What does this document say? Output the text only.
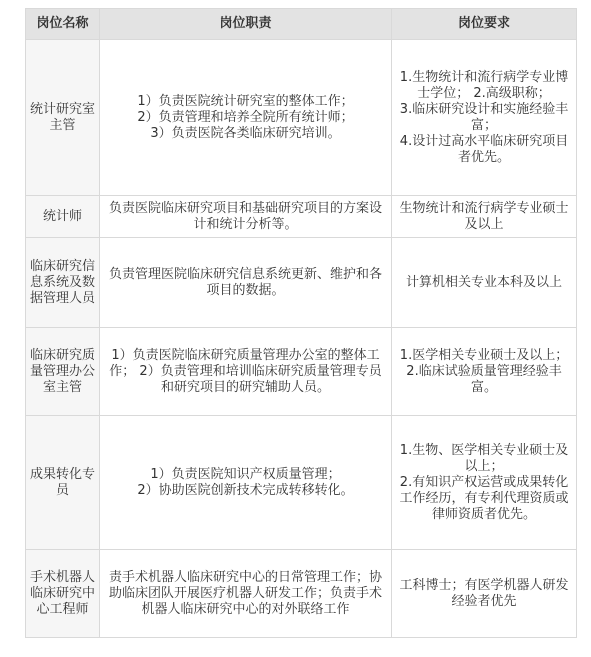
岗位名称	岗位职责	岗位要求
统计研究室主管	1）负责医院统计研究室的整体工作；
2）负责管理和培养全院所有统计师；
3）负责医院各类临床研究培训。	1.生物统计和流行病学专业博士学位； 2.高级职称；
3.临床研究设计和实施经验丰富；
4.设计过高水平临床研究项目者优先。

统计师	负责医院临床研究项目和基础研究项目的方案设计和统计分析等。	生物统计和流行病学专业硕士及以上

临床研究信息系统及数据管理人员	负责管理医院临床研究信息系统更新、维护和各项目的数据。	计算机相关专业本科及以上

临床研究质量管理办公室主管	1）负责医院临床研究质量管理办公室的整体工作； 2）负责管理和培训临床研究质量管理专员和研究项目的研究辅助人员。	1.医学相关专业硕士及以上；
2.临床试验质量管理经验丰富。

成果转化专员	1）负责医院知识产权质量管理；
2）协助医院创新技术完成转移转化。	1.生物、医学相关专业硕士及以上；
2.有知识产权运营或成果转化工作经历，有专利代理资质或律师资质者优先。

手术机器人临床研究中心工程师	责手术机器人临床研究中心的日常管理工作；协助临床团队开展医疗机器人研发工作；负责手术机器人临床研究中心的对外联络工作	工科博士；有医学机器人研发经验者优先
